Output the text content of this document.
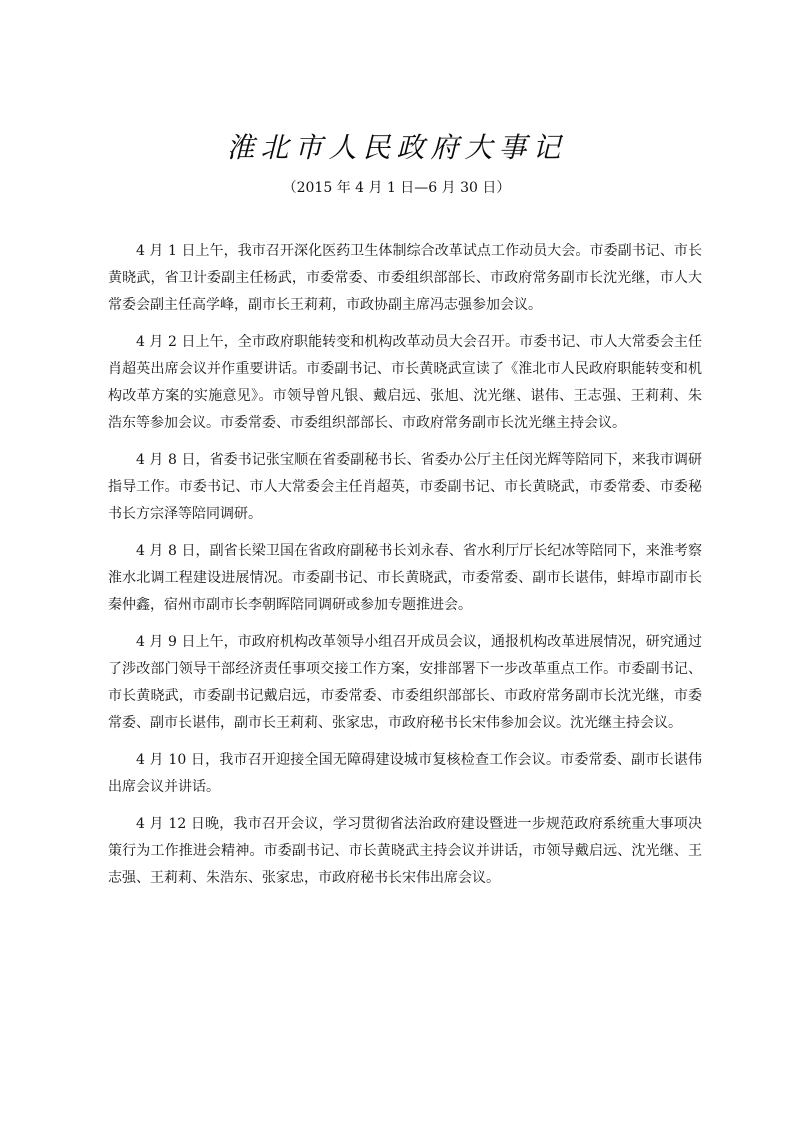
淮北市人民政府大事记
（2015 年 4 月 1 日—6 月 30 日）

4 月 1 日上午，我市召开深化医药卫生体制综合改革试点工作动员大会。市委副书记、市长黄晓武，省卫计委副主任杨武，市委常委、市委组织部部长、市政府常务副市长沈光继，市人大常委会副主任高学峰，副市长王莉莉，市政协副主席冯志强参加会议。

4 月 2 日上午，全市政府职能转变和机构改革动员大会召开。市委书记、市人大常委会主任肖超英出席会议并作重要讲话。市委副书记、市长黄晓武宣读了《淮北市人民政府职能转变和机构改革方案的实施意见》。市领导曾凡银、戴启远、张旭、沈光继、谌伟、王志强、王莉莉、朱浩东等参加会议。市委常委、市委组织部部长、市政府常务副市长沈光继主持会议。

4 月 8 日，省委书记张宝顺在省委副秘书长、省委办公厅主任闵光辉等陪同下，来我市调研指导工作。市委书记、市人大常委会主任肖超英，市委副书记、市长黄晓武，市委常委、市委秘书长方宗泽等陪同调研。

4 月 8 日，副省长梁卫国在省政府副秘书长刘永春、省水利厅厅长纪冰等陪同下，来淮考察淮水北调工程建设进展情况。市委副书记、市长黄晓武，市委常委、副市长谌伟，蚌埠市副市长秦仲鑫，宿州市副市长李朝晖陪同调研或参加专题推进会。

4 月 9 日上午，市政府机构改革领导小组召开成员会议，通报机构改革进展情况，研究通过了涉改部门领导干部经济责任事项交接工作方案，安排部署下一步改革重点工作。市委副书记、市长黄晓武，市委副书记戴启远，市委常委、市委组织部部长、市政府常务副市长沈光继，市委常委、副市长谌伟，副市长王莉莉、张家忠，市政府秘书长宋伟参加会议。沈光继主持会议。

4 月 10 日，我市召开迎接全国无障碍建设城市复核检查工作会议。市委常委、副市长谌伟出席会议并讲话。

4 月 12 日晚，我市召开会议，学习贯彻省法治政府建设暨进一步规范政府系统重大事项决策行为工作推进会精神。市委副书记、市长黄晓武主持会议并讲话，市领导戴启远、沈光继、王志强、王莉莉、朱浩东、张家忠，市政府秘书长宋伟出席会议。
